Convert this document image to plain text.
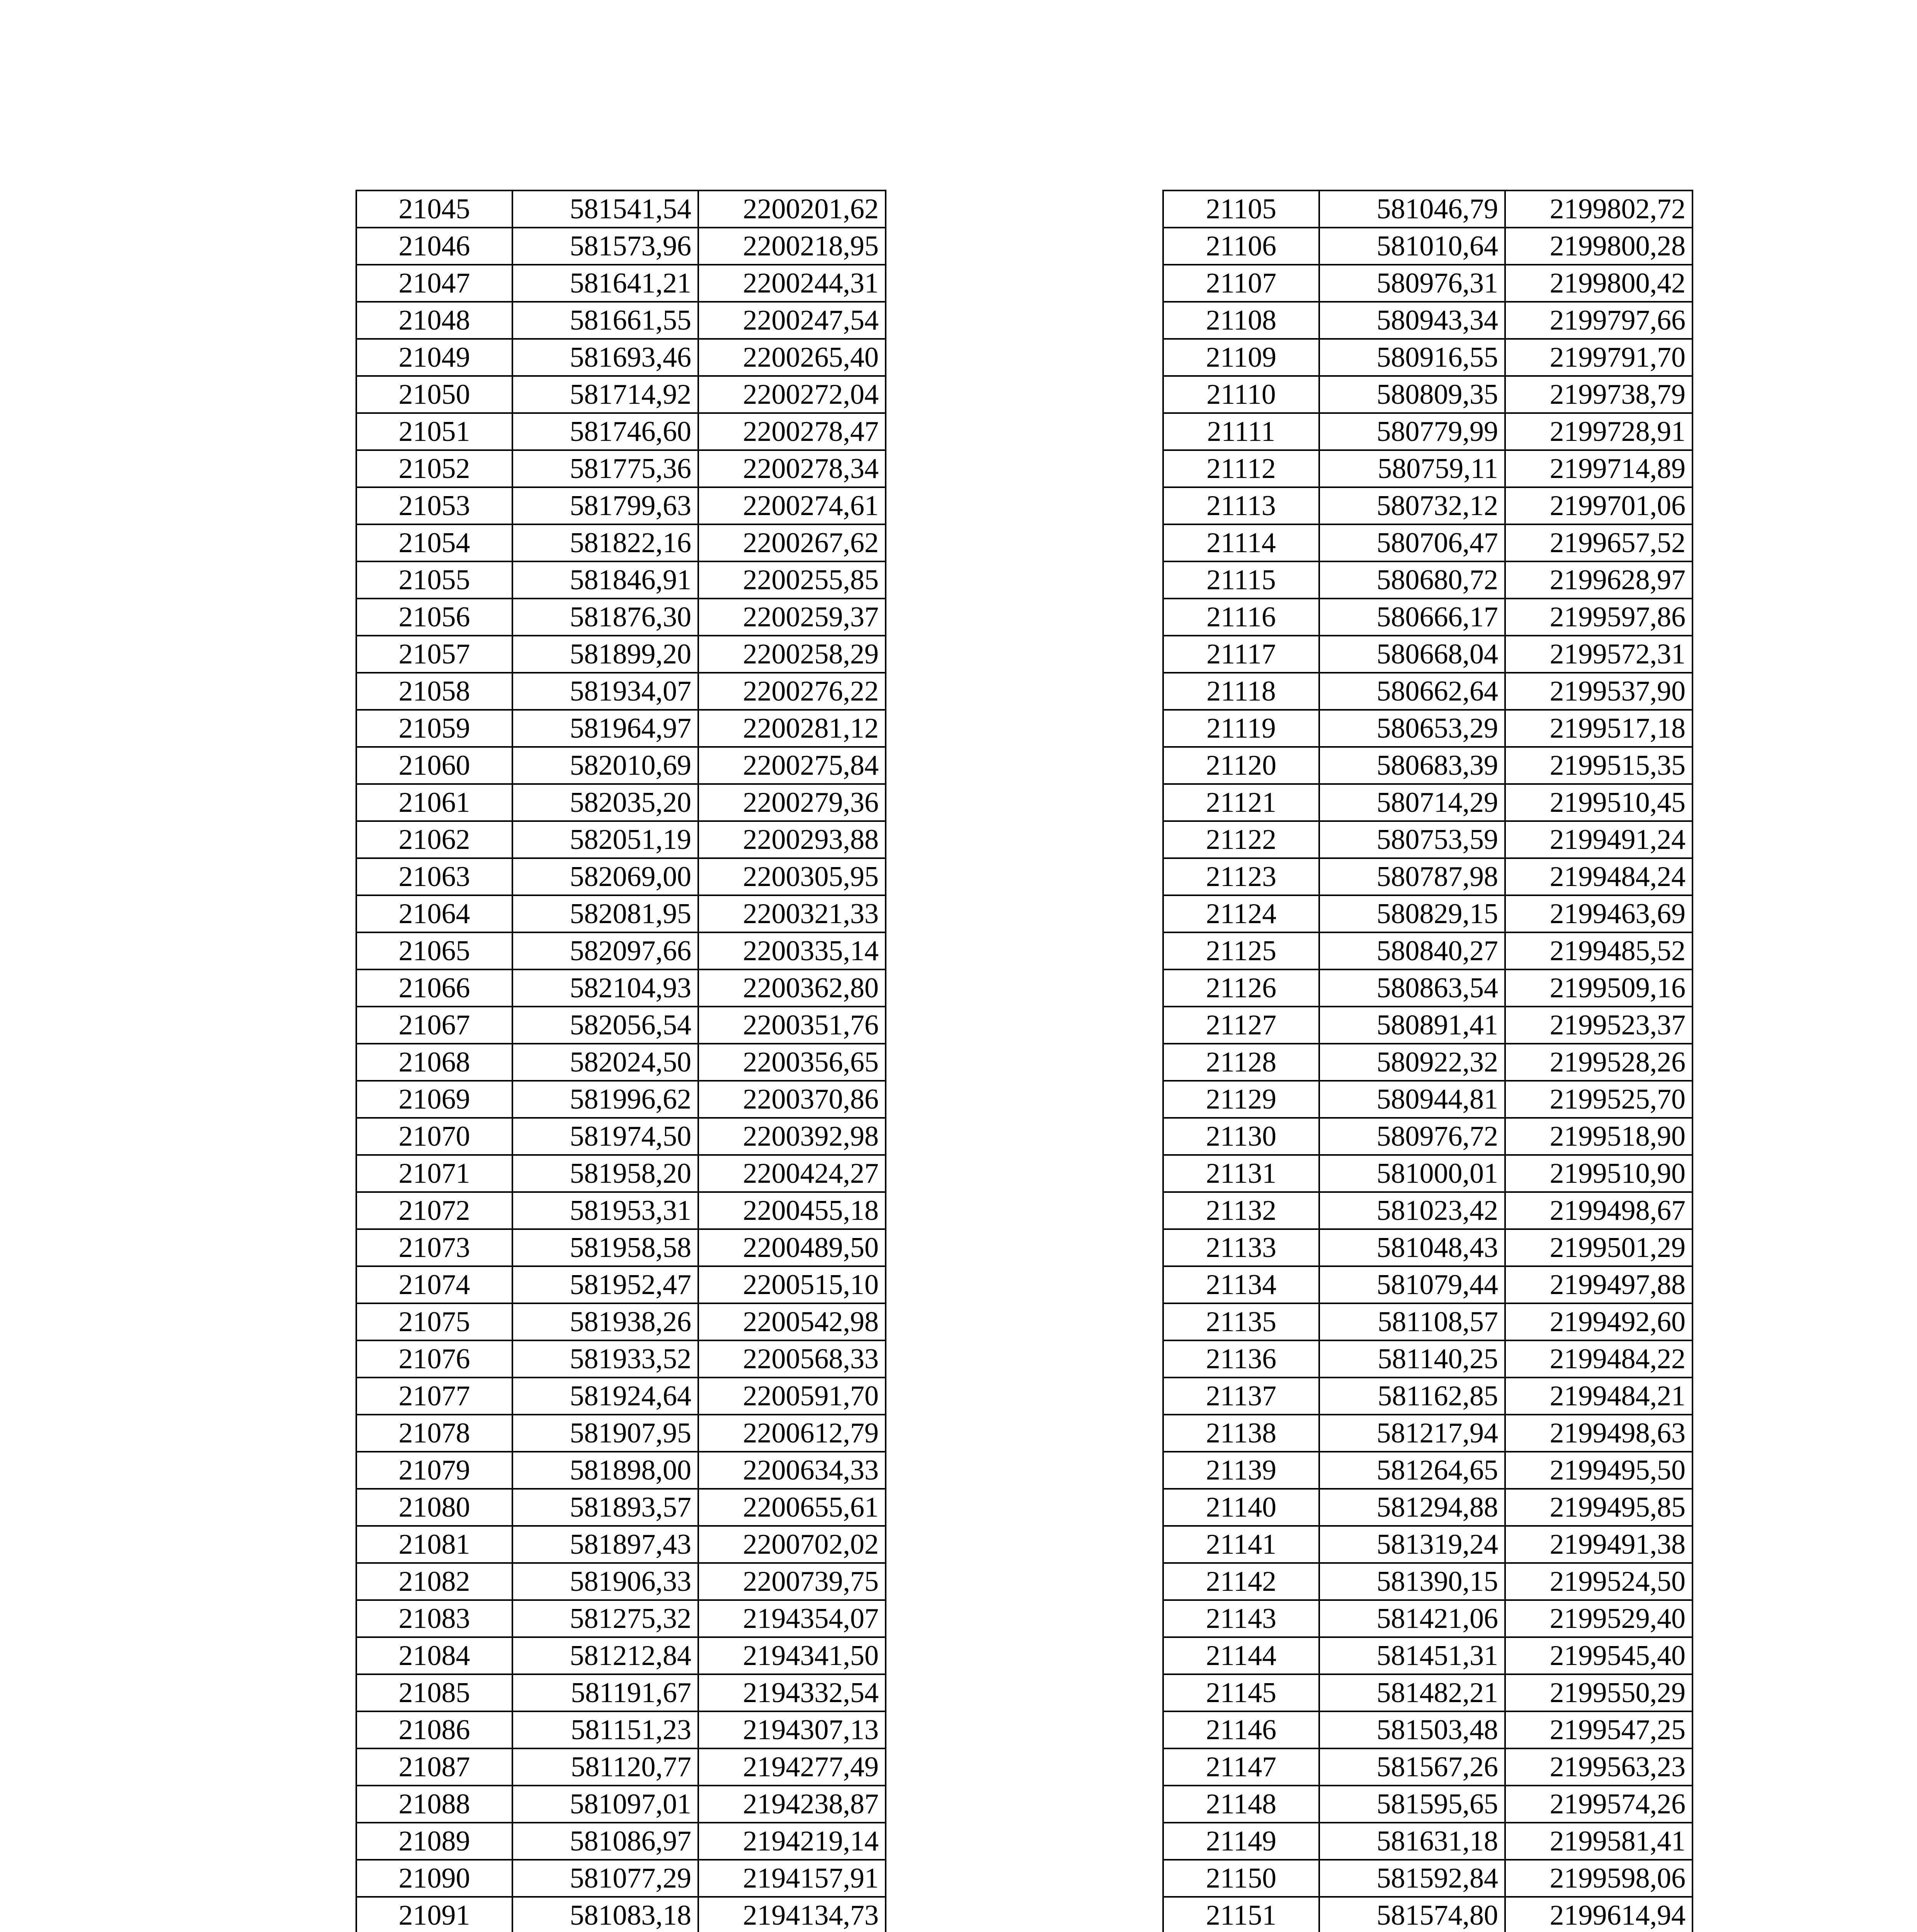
21045	581541,54	2200201,62
21046	581573,96	2200218,95
21047	581641,21	2200244,31
21048	581661,55	2200247,54
21049	581693,46	2200265,40
21050	581714,92	2200272,04
21051	581746,60	2200278,47
21052	581775,36	2200278,34
21053	581799,63	2200274,61
21054	581822,16	2200267,62
21055	581846,91	2200255,85
21056	581876,30	2200259,37
21057	581899,20	2200258,29
21058	581934,07	2200276,22
21059	581964,97	2200281,12
21060	582010,69	2200275,84
21061	582035,20	2200279,36
21062	582051,19	2200293,88
21063	582069,00	2200305,95
21064	582081,95	2200321,33
21065	582097,66	2200335,14
21066	582104,93	2200362,80
21067	582056,54	2200351,76
21068	582024,50	2200356,65
21069	581996,62	2200370,86
21070	581974,50	2200392,98
21071	581958,20	2200424,27
21072	581953,31	2200455,18
21073	581958,58	2200489,50
21074	581952,47	2200515,10
21075	581938,26	2200542,98
21076	581933,52	2200568,33
21077	581924,64	2200591,70
21078	581907,95	2200612,79
21079	581898,00	2200634,33
21080	581893,57	2200655,61
21081	581897,43	2200702,02
21082	581906,33	2200739,75
21083	581275,32	2194354,07
21084	581212,84	2194341,50
21085	581191,67	2194332,54
21086	581151,23	2194307,13
21087	581120,77	2194277,49
21088	581097,01	2194238,87
21089	581086,97	2194219,14
21090	581077,29	2194157,91
21091	581083,18	2194134,73

21105	581046,79	2199802,72
21106	581010,64	2199800,28
21107	580976,31	2199800,42
21108	580943,34	2199797,66
21109	580916,55	2199791,70
21110	580809,35	2199738,79
21111	580779,99	2199728,91
21112	580759,11	2199714,89
21113	580732,12	2199701,06
21114	580706,47	2199657,52
21115	580680,72	2199628,97
21116	580666,17	2199597,86
21117	580668,04	2199572,31
21118	580662,64	2199537,90
21119	580653,29	2199517,18
21120	580683,39	2199515,35
21121	580714,29	2199510,45
21122	580753,59	2199491,24
21123	580787,98	2199484,24
21124	580829,15	2199463,69
21125	580840,27	2199485,52
21126	580863,54	2199509,16
21127	580891,41	2199523,37
21128	580922,32	2199528,26
21129	580944,81	2199525,70
21130	580976,72	2199518,90
21131	581000,01	2199510,90
21132	581023,42	2199498,67
21133	581048,43	2199501,29
21134	581079,44	2199497,88
21135	581108,57	2199492,60
21136	581140,25	2199484,22
21137	581162,85	2199484,21
21138	581217,94	2199498,63
21139	581264,65	2199495,50
21140	581294,88	2199495,85
21141	581319,24	2199491,38
21142	581390,15	2199524,50
21143	581421,06	2199529,40
21144	581451,31	2199545,40
21145	581482,21	2199550,29
21146	581503,48	2199547,25
21147	581567,26	2199563,23
21148	581595,65	2199574,26
21149	581631,18	2199581,41
21150	581592,84	2199598,06
21151	581574,80	2199614,94
